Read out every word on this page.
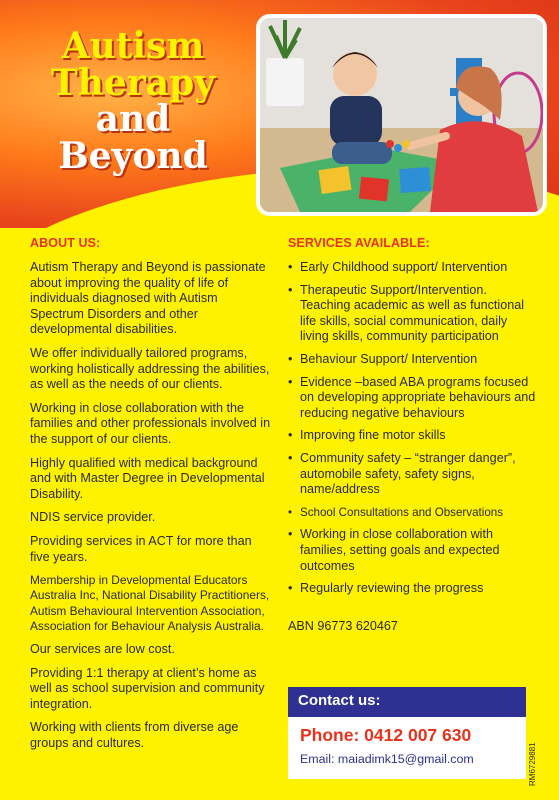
Autism
Therapy
and
Beyond
ABOUT US:

Autism Therapy and Beyond is passionate about improving the quality of life of individuals diagnosed with Autism Spectrum Disorders and other developmental disabilities.

We offer individually tailored programs, working holistically addressing the abilities, as well as the needs of our clients.

Working in close collaboration with the families and other professionals involved in the support of our clients.

Highly qualified with medical background and with Master Degree in Developmental Disability.

NDIS service provider.

Providing services in ACT for more than five years.

Membership in Developmental Educators Australia Inc, National Disability Practitioners, Autism Behavioural Intervention Association, Association for Behaviour Analysis Australia.

Our services are low cost.

Providing 1:1 therapy at client’s home as well as school supervision and community integration.

Working with clients from diverse age groups and cultures.

SERVICES AVAILABLE:
• Early Childhood support/ Intervention
• Therapeutic Support/Intervention. Teaching academic as well as functional life skills, social communication, daily living skills, community participation
• Behaviour Support/ Intervention
• Evidence –based ABA programs focused on developing appropriate behaviours and reducing negative behaviours
• Improving fine motor skills
• Community safety – “stranger danger”, automobile safety, safety signs, name/address
• School Consultations and Observations
• Working in close collaboration with families, setting goals and expected outcomes
• Regularly reviewing the progress

ABN 96773 620467

Contact us:
Phone: 0412 007 630
Email: maiadimk15@gmail.com	RM6729881
